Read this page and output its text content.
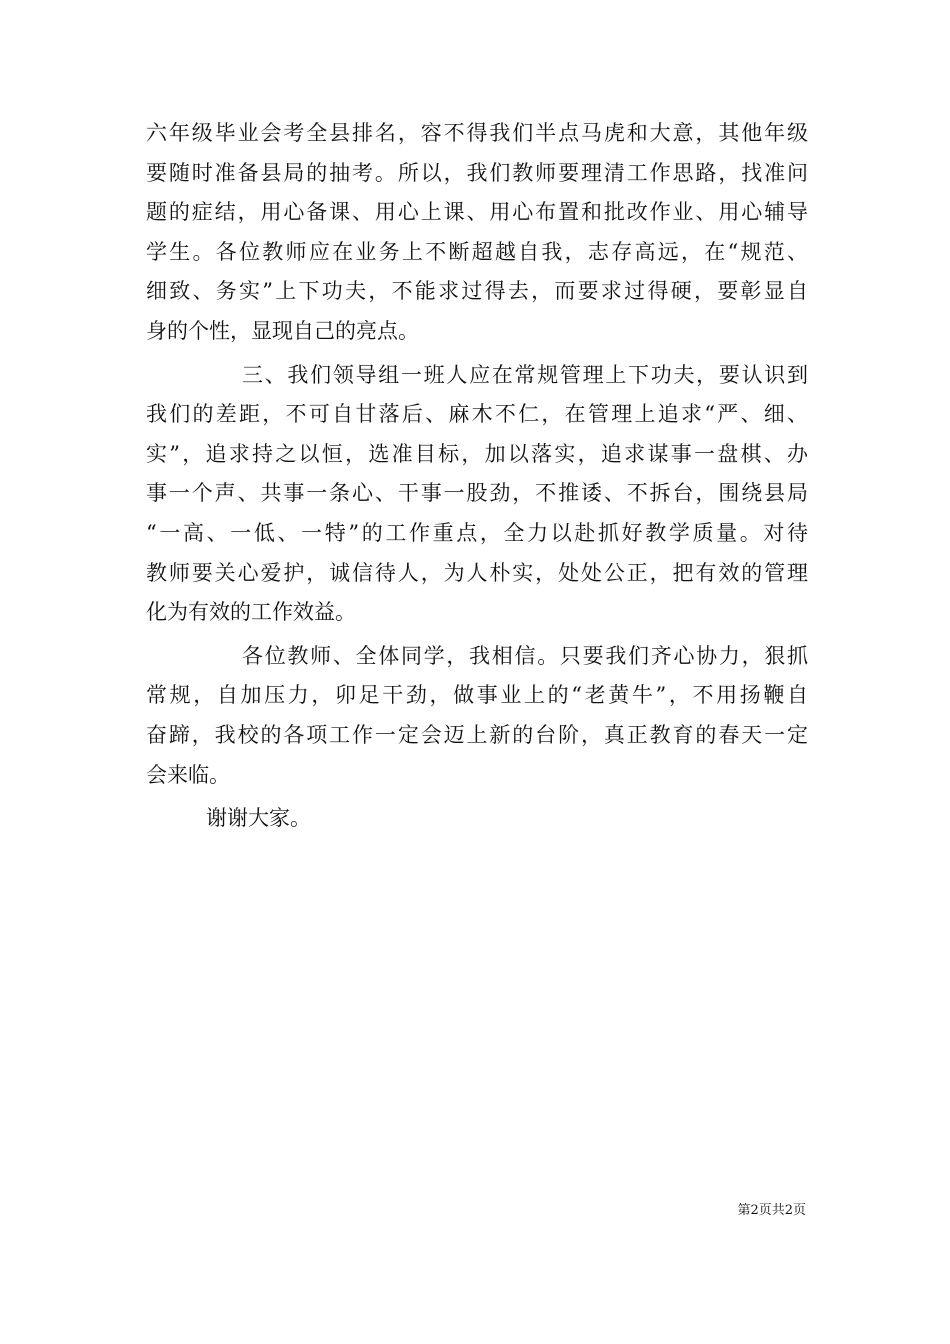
六年级毕业会考全县排名，容不得我们半点马虎和大意，其他年级
要随时准备县局的抽考。所以，我们教师要理清工作思路，找准问
题的症结，用心备课、用心上课、用心布置和批改作业、用心辅导
学生。各位教师应在业务上不断超越自我，志存高远，在“规范、
细致、务实”上下功夫，不能求过得去，而要求过得硬，要彰显自
身的个性，显现自己的亮点。
三、我们领导组一班人应在常规管理上下功夫，要认识到
我们的差距，不可自甘落后、麻木不仁，在管理上追求“严、细、
实”，追求持之以恒，选准目标，加以落实，追求谋事一盘棋、办
事一个声、共事一条心、干事一股劲，不推诿、不拆台，围绕县局
“一高、一低、一特”的工作重点，全力以赴抓好教学质量。对待
教师要关心爱护，诚信待人，为人朴实，处处公正，把有效的管理
化为有效的工作效益。
各位教师、全体同学，我相信。只要我们齐心协力，狠抓
常规，自加压力，卯足干劲，做事业上的“老黄牛”，不用扬鞭自
奋蹄，我校的各项工作一定会迈上新的台阶，真正教育的春天一定
会来临。
谢谢大家。
第2页共2页
